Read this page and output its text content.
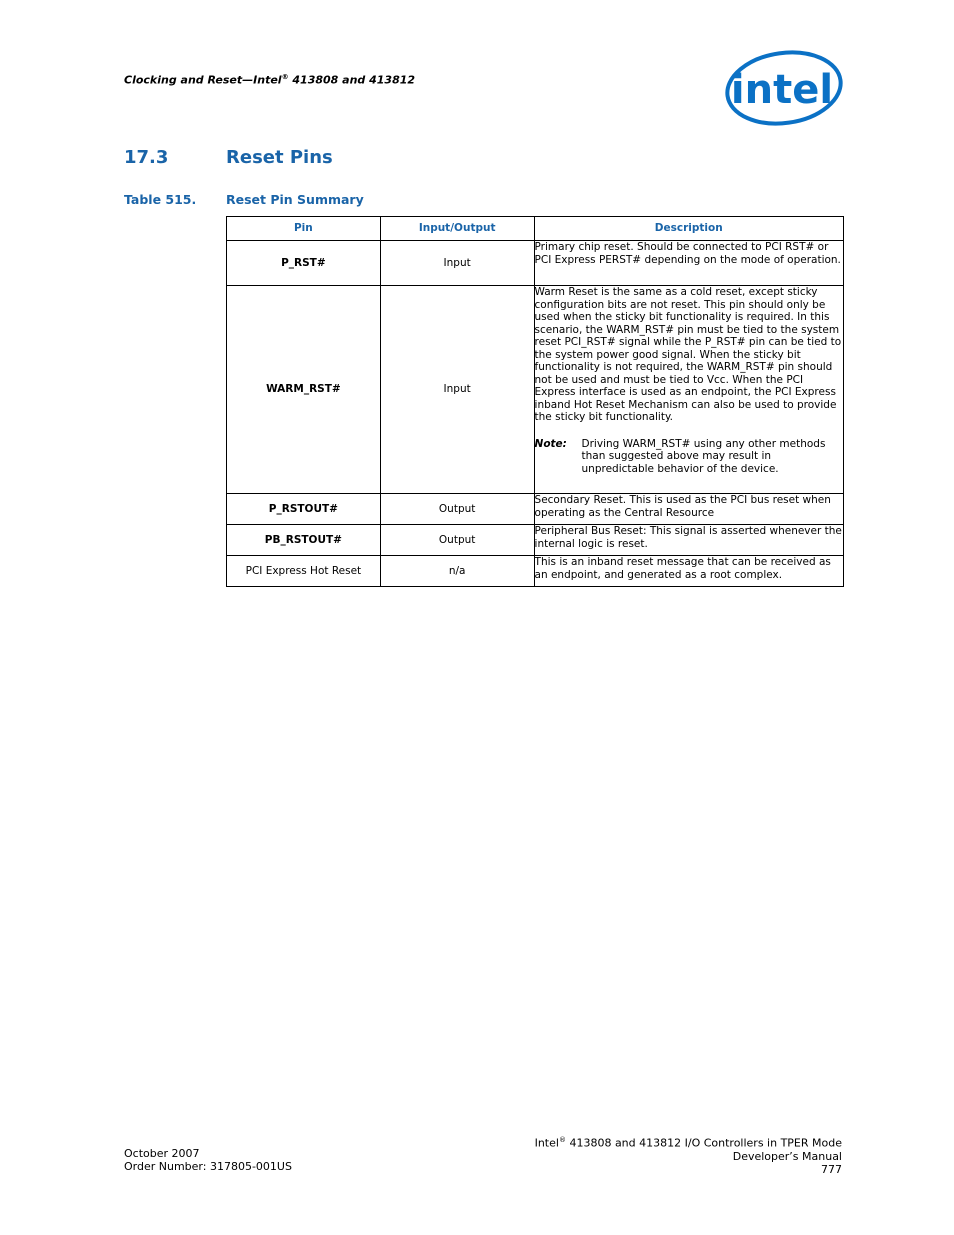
Clocking and Reset—Intel® 413808 and 413812	intel
17.3	Reset Pins
Table 515. Reset Pin Summary
Pin	Input/Output	Description
P_RST#	Input	Primary chip reset. Should be connected to PCI RST# or PCI Express PERST# depending on the mode of operation.
WARM_RST#	Input	Warm Reset is the same as a cold reset, except sticky configuration bits are not reset. This pin should only be used when the sticky bit functionality is required. In this scenario, the WARM_RST# pin must be tied to the system reset PCI_RST# signal while the P_RST# pin can be tied to the system power good signal. When the sticky bit functionality is not required, the WARM_RST# pin should not be used and must be tied to Vcc. When the PCI Express interface is used as an endpoint, the PCI Express inband Hot Reset Mechanism can also be used to provide the sticky bit functionality.
Note: Driving WARM_RST# using any other methods than suggested above may result in unpredictable behavior of the device.

P_RSTOUT#	Output	Secondary Reset. This is used as the PCI bus reset when operating as the Central Resource
PB_RSTOUT#	Output	Peripheral Bus Reset: This signal is asserted whenever the internal logic is reset.
PCI Express Hot Reset	n/a	This is an inband reset message that can be received as an endpoint, and generated as a root complex.
October 2007
Order Number: 317805-001US
Intel® 413808 and 413812 I/O Controllers in TPER Mode
Developer’s Manual
777
